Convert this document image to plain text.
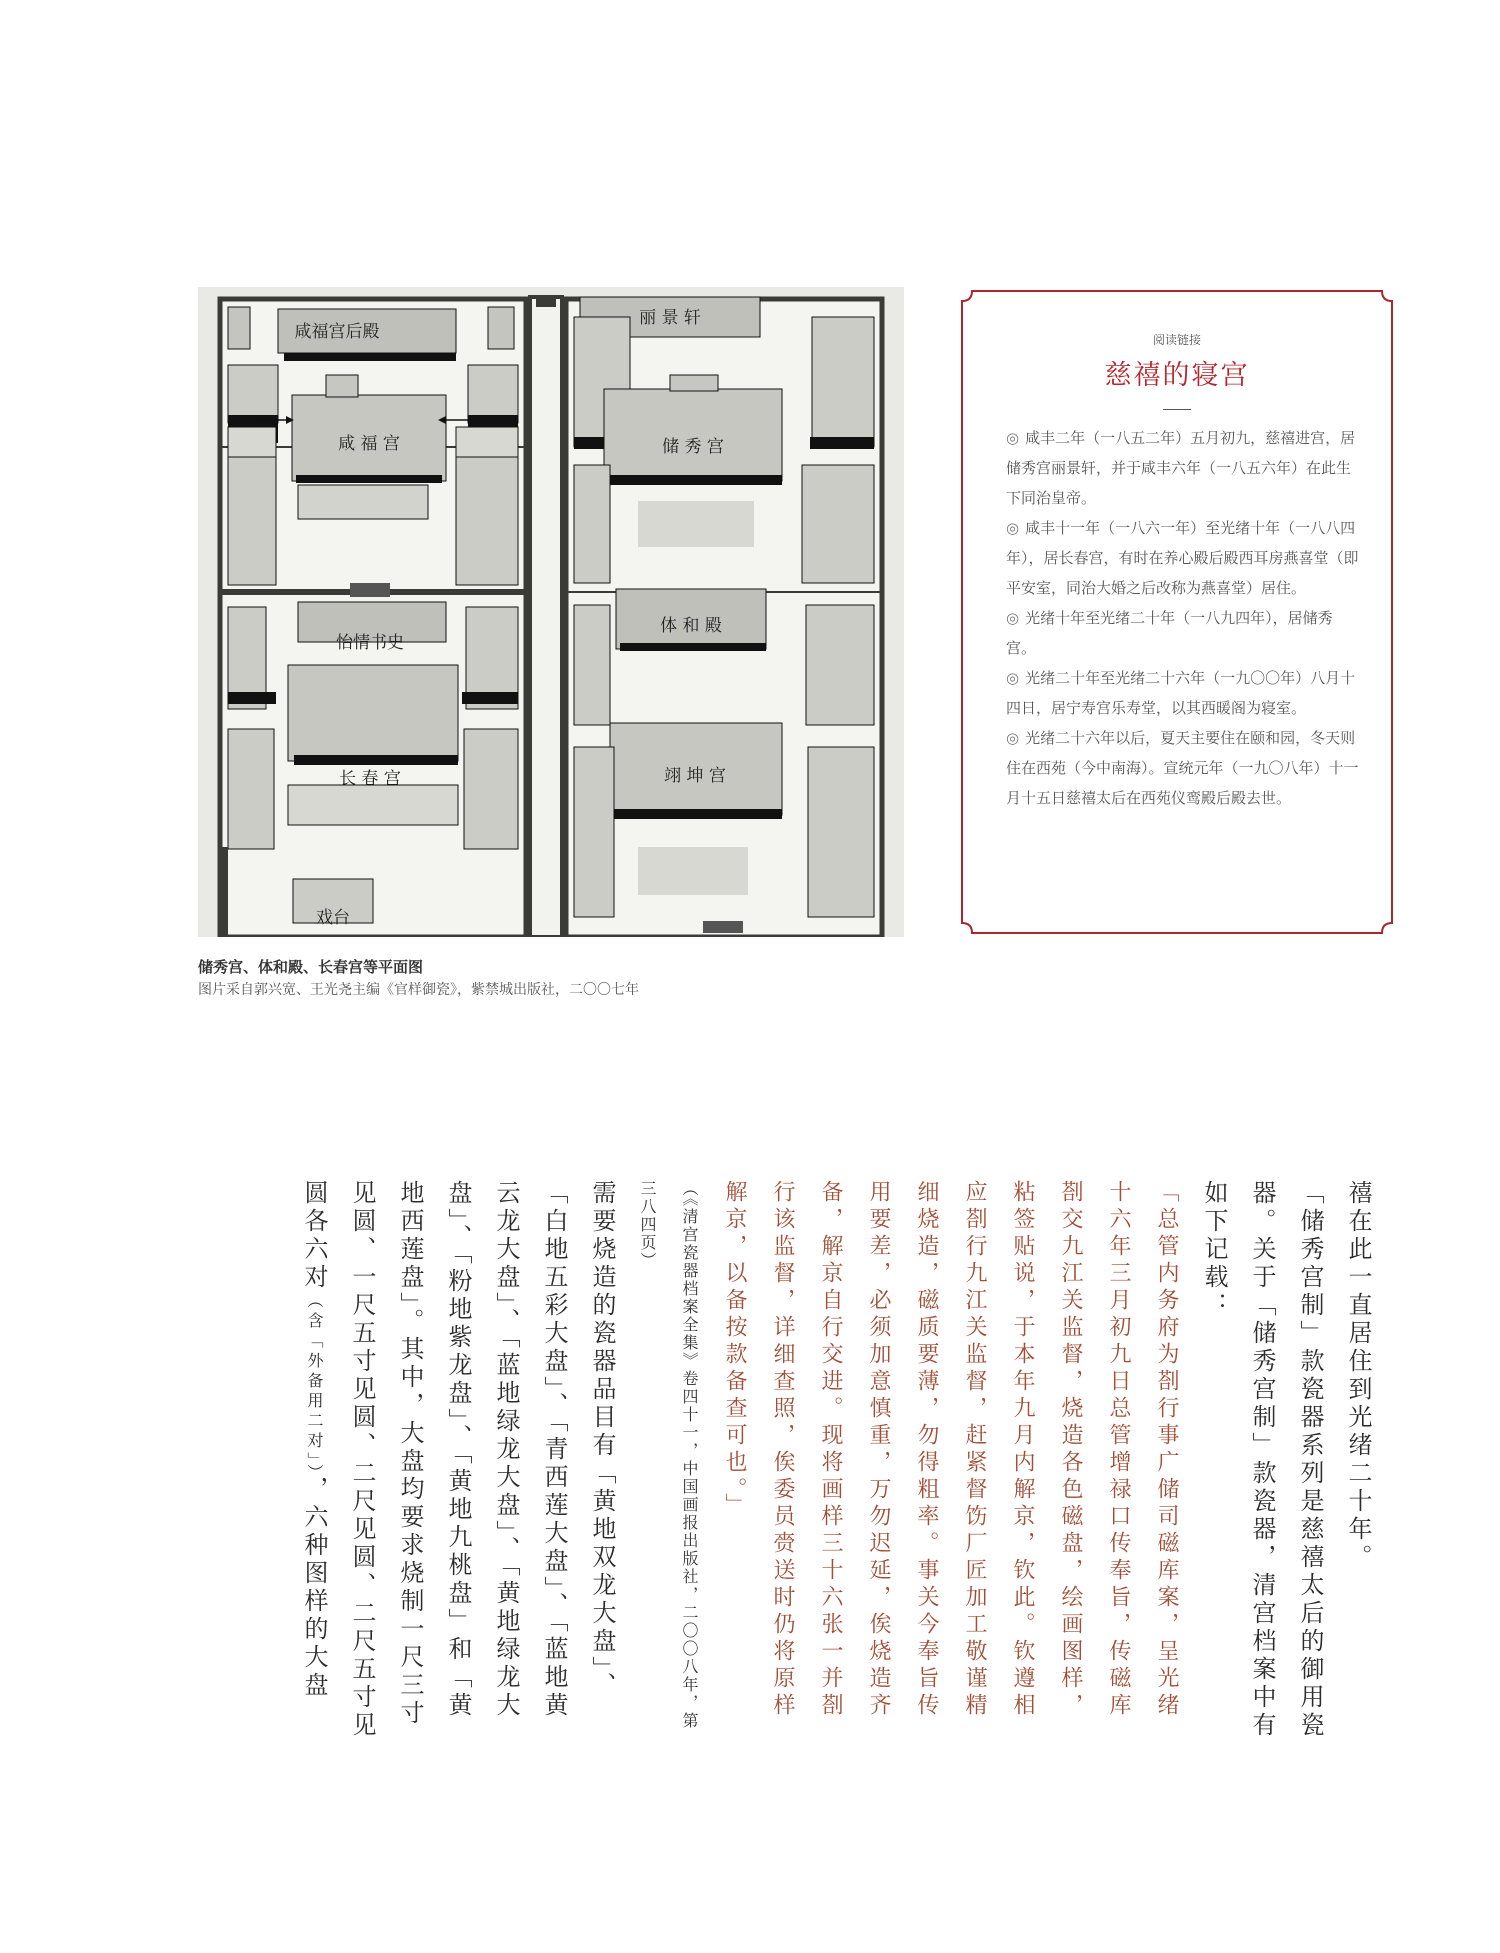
咸福宫后殿
丽 景 轩
咸 福 宫	储 秀 宫
怡情书史
体 和 殿
长 春 宫	翊 坤 宫
戏台
储秀宫、体和殿、长春宫等平面图
图片采自郭兴宽、王光尧主编《官样御瓷》，紫禁城出版社，二〇〇七年
阅读链接
慈禧的寝宫
◎ 咸丰二年（一八五二年）五月初九，慈禧进宫，居储秀宫丽景轩，并于咸丰六年（一八五六年）在此生下同治皇帝。
◎ 咸丰十一年（一八六一年）至光绪十年（一八八四年），居长春宫，有时在养心殿后殿西耳房燕喜堂（即平安室，同治大婚之后改称为燕喜堂）居住。
◎ 光绪十年至光绪二十年（一八九四年），居储秀宫。
◎ 光绪二十年至光绪二十六年（一九〇〇年）八月十四日，居宁寿宫乐寿堂，以其西暖阁为寝室。
◎ 光绪二十六年以后，夏天主要住在颐和园，冬天则住在西苑（今中南海）。宣统元年（一九〇八年）十一月十五日慈禧太后在西苑仪鸾殿后殿去世。

禧在此一直居住到光绪二十年。

「储秀宫制」款瓷器系列是慈禧太后的御用瓷器。关于「储秀宫制」款瓷器，清宫档案中有如下记载：

「总管内务府为剳行事广储司磁库案，呈光绪十六年三月初九日总管增禄口传奉旨，传磁库剳交九江关监督，烧造各色磁盘，绘画图样，粘签贴说，于本年九月内解京，钦此。钦遵相应剳行九江关监督，赶紧督饬厂匠加工敬谨精细烧造，磁质要薄，勿得粗率。事关今奉旨传用要差，必须加意慎重，万勿迟延，俟烧造齐备，解京自行交进。现将画样三十六张一并剳行该监督，详细查照，俟委员赍送时仍将原样解京，以备按款备查可也。」

（《清宫瓷器档案全集》卷四十一，中国画报出版社，二〇〇八年，第三八四页）

需要烧造的瓷器品目有「黄地双龙大盘」、「白地五彩大盘」、「青西莲大盘」、「蓝地黄云龙大盘」、「蓝地绿龙大盘」、「黄地绿龙大盘」、「粉地紫龙盘」、「黄地九桃盘」和「黄地西莲盘」。其中，大盘均要求烧制一尺三寸见圆、一尺五寸见圆、二尺见圆、二尺五寸见圆各六对（含「外备用二对」），六种图样的大盘
